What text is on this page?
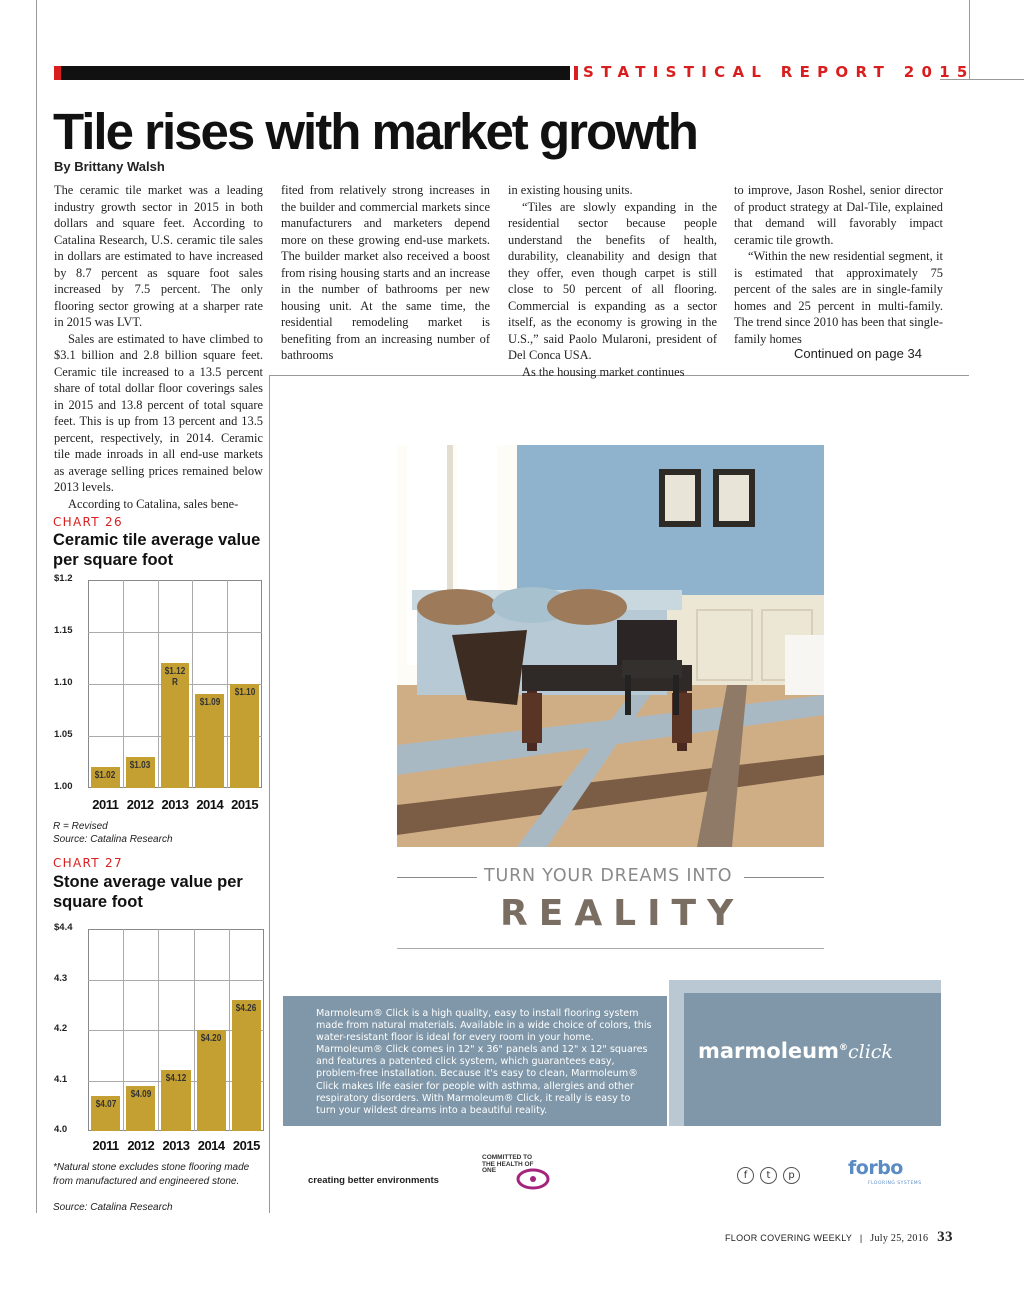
STATISTICAL REPORT 2015
Tile rises with market growth
By Brittany Walsh

The ceramic tile market was a leading industry growth sector in 2015 in both dollars and square feet. According to Catalina Research, U.S. ceramic tile sales in dollars are estimated to have increased by 8.7 percent as square foot sales increased by 7.5 percent. The only flooring sector growing at a sharper rate in 2015 was LVT.

Sales are estimated to have climbed to $3.1 billion and 2.8 billion square feet. Ceramic tile increased to a 13.5 percent share of total dollar floor coverings sales in 2015 and 13.8 percent of total square feet. This is up from 13 percent and 13.5 percent, respectively, in 2014. Ceramic tile made inroads in all end-use markets as average selling prices remained below 2013 levels.

According to Catalina, sales bene-

fited from relatively strong increases in the builder and commercial markets since manufacturers and marketers depend more on these growing end-use markets. The builder market also received a boost from rising housing starts and an increase in the number of bathrooms per new housing unit. At the same time, the residential remodeling market is benefiting from an increasing number of bathrooms

in existing housing units.

“Tiles are slowly expanding in the residential sector because people understand the benefits of health, durability, cleanability and design that they offer, even though carpet is still close to 50 percent of all flooring. Commercial is expanding as a sector itself, as the economy is growing in the U.S.,” said Paolo Mularoni, president of Del Conca USA.

As the housing market continues

to improve, Jason Roshel, senior director of product strategy at Dal-Tile, explained that demand will favorably impact ceramic tile growth.

“Within the new residential segment, it is estimated that approximately 75 percent of the sales are in single-family homes and 25 percent in multi-family. The trend since 2010 has been that single-family homes

Continued on page 34
CHART 26
Ceramic tile average value per square foot
$1.2
1.15
1.10
1.05
1.00
$1.02
2011
$1.03
2012
$1.12 R
2013
$1.09
2014
$1.10
2015
R = Revised
Source: Catalina Research
CHART 27
Stone average value per square foot
$4.4
4.3
4.2
4.1
4.0
$4.07
2011
$4.09
2012
$4.12
2013
$4.20
2014
$4.26
2015
*Natural stone excludes stone flooring made from manufactured and engineered stone.
Source: Catalina Research
TURN YOUR DREAMS INTO
REALITY
Marmoleum® Click is a high quality, easy to install flooring system made from natural materials. Available in a wide choice of colors, this water-resistant floor is ideal for every room in your home. Marmoleum® Click comes in 12" x 36" panels and 12" x 12" squares and features a patented click system, which guarantees easy, problem-free installation. Because it's easy to clean, Marmoleum® Click makes life easier for people with asthma, allergies and other respiratory disorders. With Marmoleum® Click, it really is easy to turn your wildest dreams into a beautiful reality.
marmoleum®click
creating better environments
COMMITTED TO THE HEALTH OF ONE	f	t	p	forbo
FLOORING SYSTEMS
FLOOR COVERING WEEKLY | July 25, 2016 33
